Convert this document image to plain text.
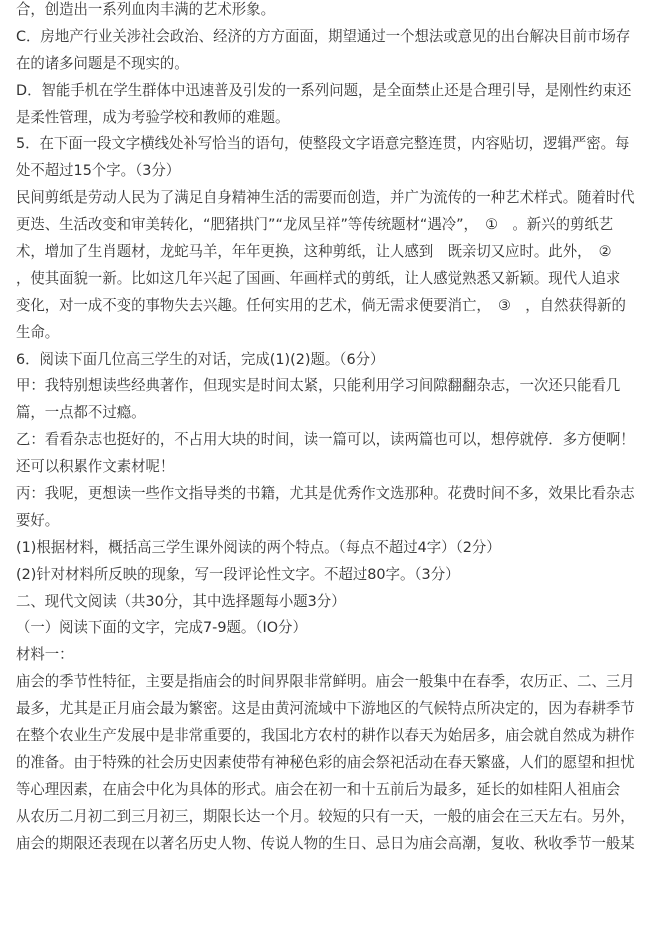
合，创造出一系列血肉丰满的艺术形象。
C．房地产行业关涉社会政治、经济的方方面面，期望通过一个想法或意见的出台解决目前市场存
在的诸多问题是不现实的。
D．智能手机在学生群体中迅速普及引发的一系列问题，是全面禁止还是合理引导，是刚性约束还
是柔性管理，成为考验学校和教师的难题。
5．在下面一段文字横线处补写恰当的语句，使整段文字语意完整连贯，内容贴切，逻辑严密。每
处不超过15个字。（3分）
民间剪纸是劳动人民为了满足自身精神生活的需要而创造，并广为流传的一种艺术样式。随着时代
更迭、生活改变和审美转化，“肥猪拱门”“龙凤呈祥”等传统题材“遇冷”，　①　。新兴的剪纸艺
术，增加了生肖题材，龙蛇马羊，年年更换，这种剪纸，让人感到　既亲切又应时。此外，　②
，使其面貌一新。比如这几年兴起了国画、年画样式的剪纸，让人感觉熟悉又新颖。现代人追求
变化，对一成不变的事物失去兴趣。任何实用的艺术，倘无需求便要消亡，　③　，自然获得新的
生命。
6．阅读下面几位高三学生的对话，完成(1)(2)题。（6分）
甲：我特别想读些经典著作，但现实是时间太紧，只能利用学习间隙翻翻杂志，一次还只能看几
篇，一点都不过瘾。
乙：看看杂志也挺好的，不占用大块的时间，读一篇可以，读两篇也可以，想停就停．多方便啊！
还可以积累作文素材呢！
丙：我呢，更想读一些作文指导类的书籍，尤其是优秀作文选那种。花费时间不多，效果比看杂志
要好。
(1)根据材料，概括高三学生课外阅读的两个特点。（每点不超过4字）（2分）
(2)针对材料所反映的现象，写一段评论性文字。不超过80字。（3分）
二、现代文阅读（共30分，其中选择题每小题3分）
（一）阅读下面的文字，完成7-9题。（IO分）
材料一：
庙会的季节性特征，主要是指庙会的时间界限非常鲜明。庙会一般集中在春季，农历正、二、三月
最多，尤其是正月庙会最为繁密。这是由黄河流域中下游地区的气候特点所决定的，因为春耕季节
在整个农业生产发展中是非常重要的，我国北方农村的耕作以春天为始居多，庙会就自然成为耕作
的准备。由于特殊的社会历史因素使带有神秘色彩的庙会祭祀活动在春天繁盛，人们的愿望和担忧
等心理因素，在庙会中化为具体的形式。庙会在初一和十五前后为最多，延长的如桂阳人祖庙会
从农历二月初二到三月初三，期限长达一个月。较短的只有一天，一般的庙会在三天左右。另外，
庙会的期限还表现在以著名历史人物、传说人物的生日、忌日为庙会高潮，复收、秋收季节一般某
